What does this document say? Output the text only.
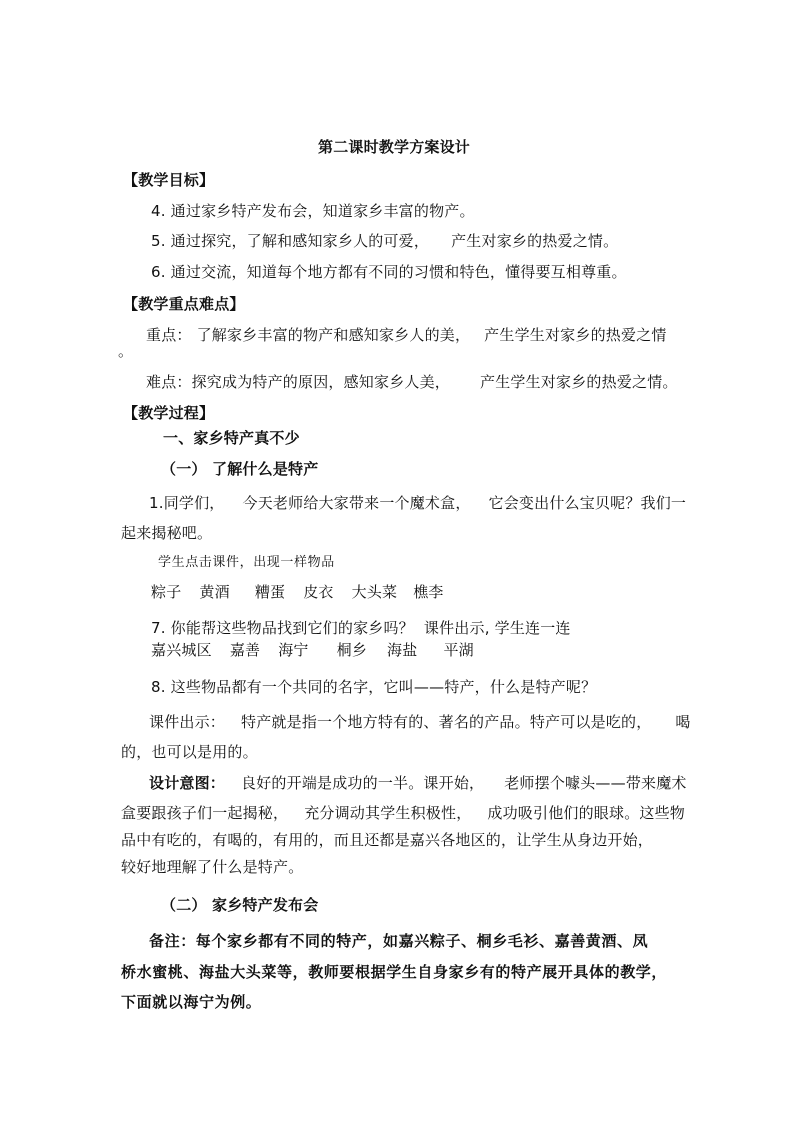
第二课时教学方案设计
【教学目标】
4. 通过家乡特产发布会，知道家乡丰富的物产。
5. 通过探究，了解和感知家乡人的可爱， 产生对家乡的热爱之情。
6. 通过交流，知道每个地方都有不同的习惯和特色，懂得要互相尊重。
【教学重点难点】
重点： 了解家乡丰富的物产和感知家乡人的美， 产生学生对家乡的热爱之情
。
难点：探究成为特产的原因，感知家乡人美， 产生学生对家乡的热爱之情。
【教学过程】
一、家乡特产真不少
（一） 了解什么是特产
1.同学们， 今天老师给大家带来一个魔术盒， 它会变出什么宝贝呢？我们一
起来揭秘吧。
学生点击课件，出现一样物品
粽子 黄酒 糟蛋 皮衣 大头菜 樵李
7. 你能帮这些物品找到它们的家乡吗？ 课件出示, 学生连一连
嘉兴城区 嘉善 海宁 桐乡 海盐 平湖
8. 这些物品都有一个共同的名字，它叫——特产，什么是特产呢？
课件出示： 特产就是指一个地方特有的、著名的产品。特产可以是吃的， 喝
的，也可以是用的。
设计意图： 良好的开端是成功的一半。课开始， 老师摆个噱头——带来魔术
盒要跟孩子们一起揭秘， 充分调动其学生积极性， 成功吸引他们的眼球。这些物
品中有吃的，有喝的，有用的，而且还都是嘉兴各地区的，让学生从身边开始，
较好地理解了什么是特产。
（二） 家乡特产发布会
备注：每个家乡都有不同的特产，如嘉兴粽子、桐乡毛衫、嘉善黄酒、凤
桥水蜜桃、海盐大头菜等，教师要根据学生自身家乡有的特产展开具体的教学，
下面就以海宁为例。
